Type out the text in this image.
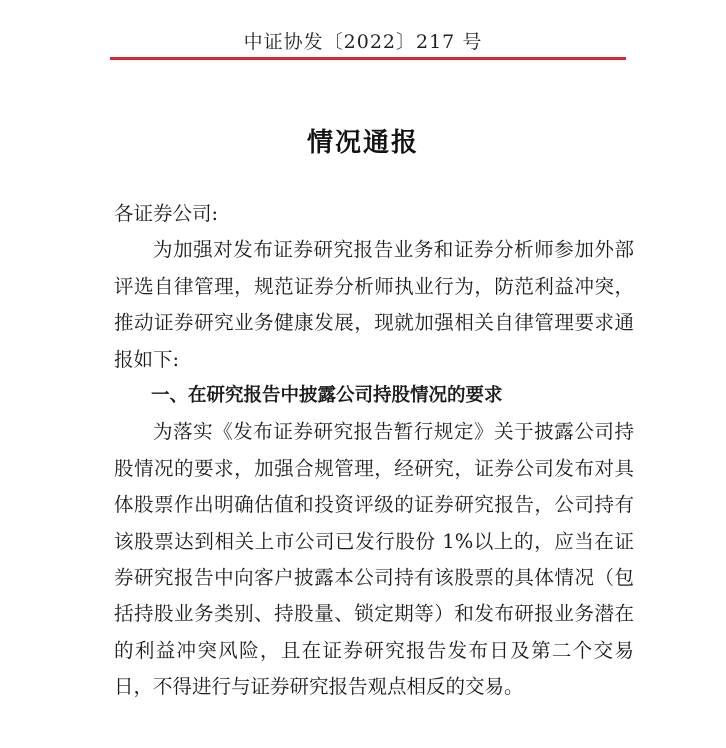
中证协发〔2022〕217 号
情况通报

各证券公司:

为加强对发布证券研究报告业务和证券分析师参加外部评选自律管理，规范证券分析师执业行为，防范利益冲突，推动证券研究业务健康发展，现就加强相关自律管理要求通报如下:

一、在研究报告中披露公司持股情况的要求

为落实《发布证券研究报告暂行规定》关于披露公司持股情况的要求，加强合规管理，经研究，证券公司发布对具体股票作出明确估值和投资评级的证券研究报告，公司持有该股票达到相关上市公司已发行股份 1%以上的，应当在证券研究报告中向客户披露本公司持有该股票的具体情况（包括持股业务类别、持股量、锁定期等）和发布研报业务潜在的利益冲突风险，且在证券研究报告发布日及第二个交易日，不得进行与证券研究报告观点相反的交易。
